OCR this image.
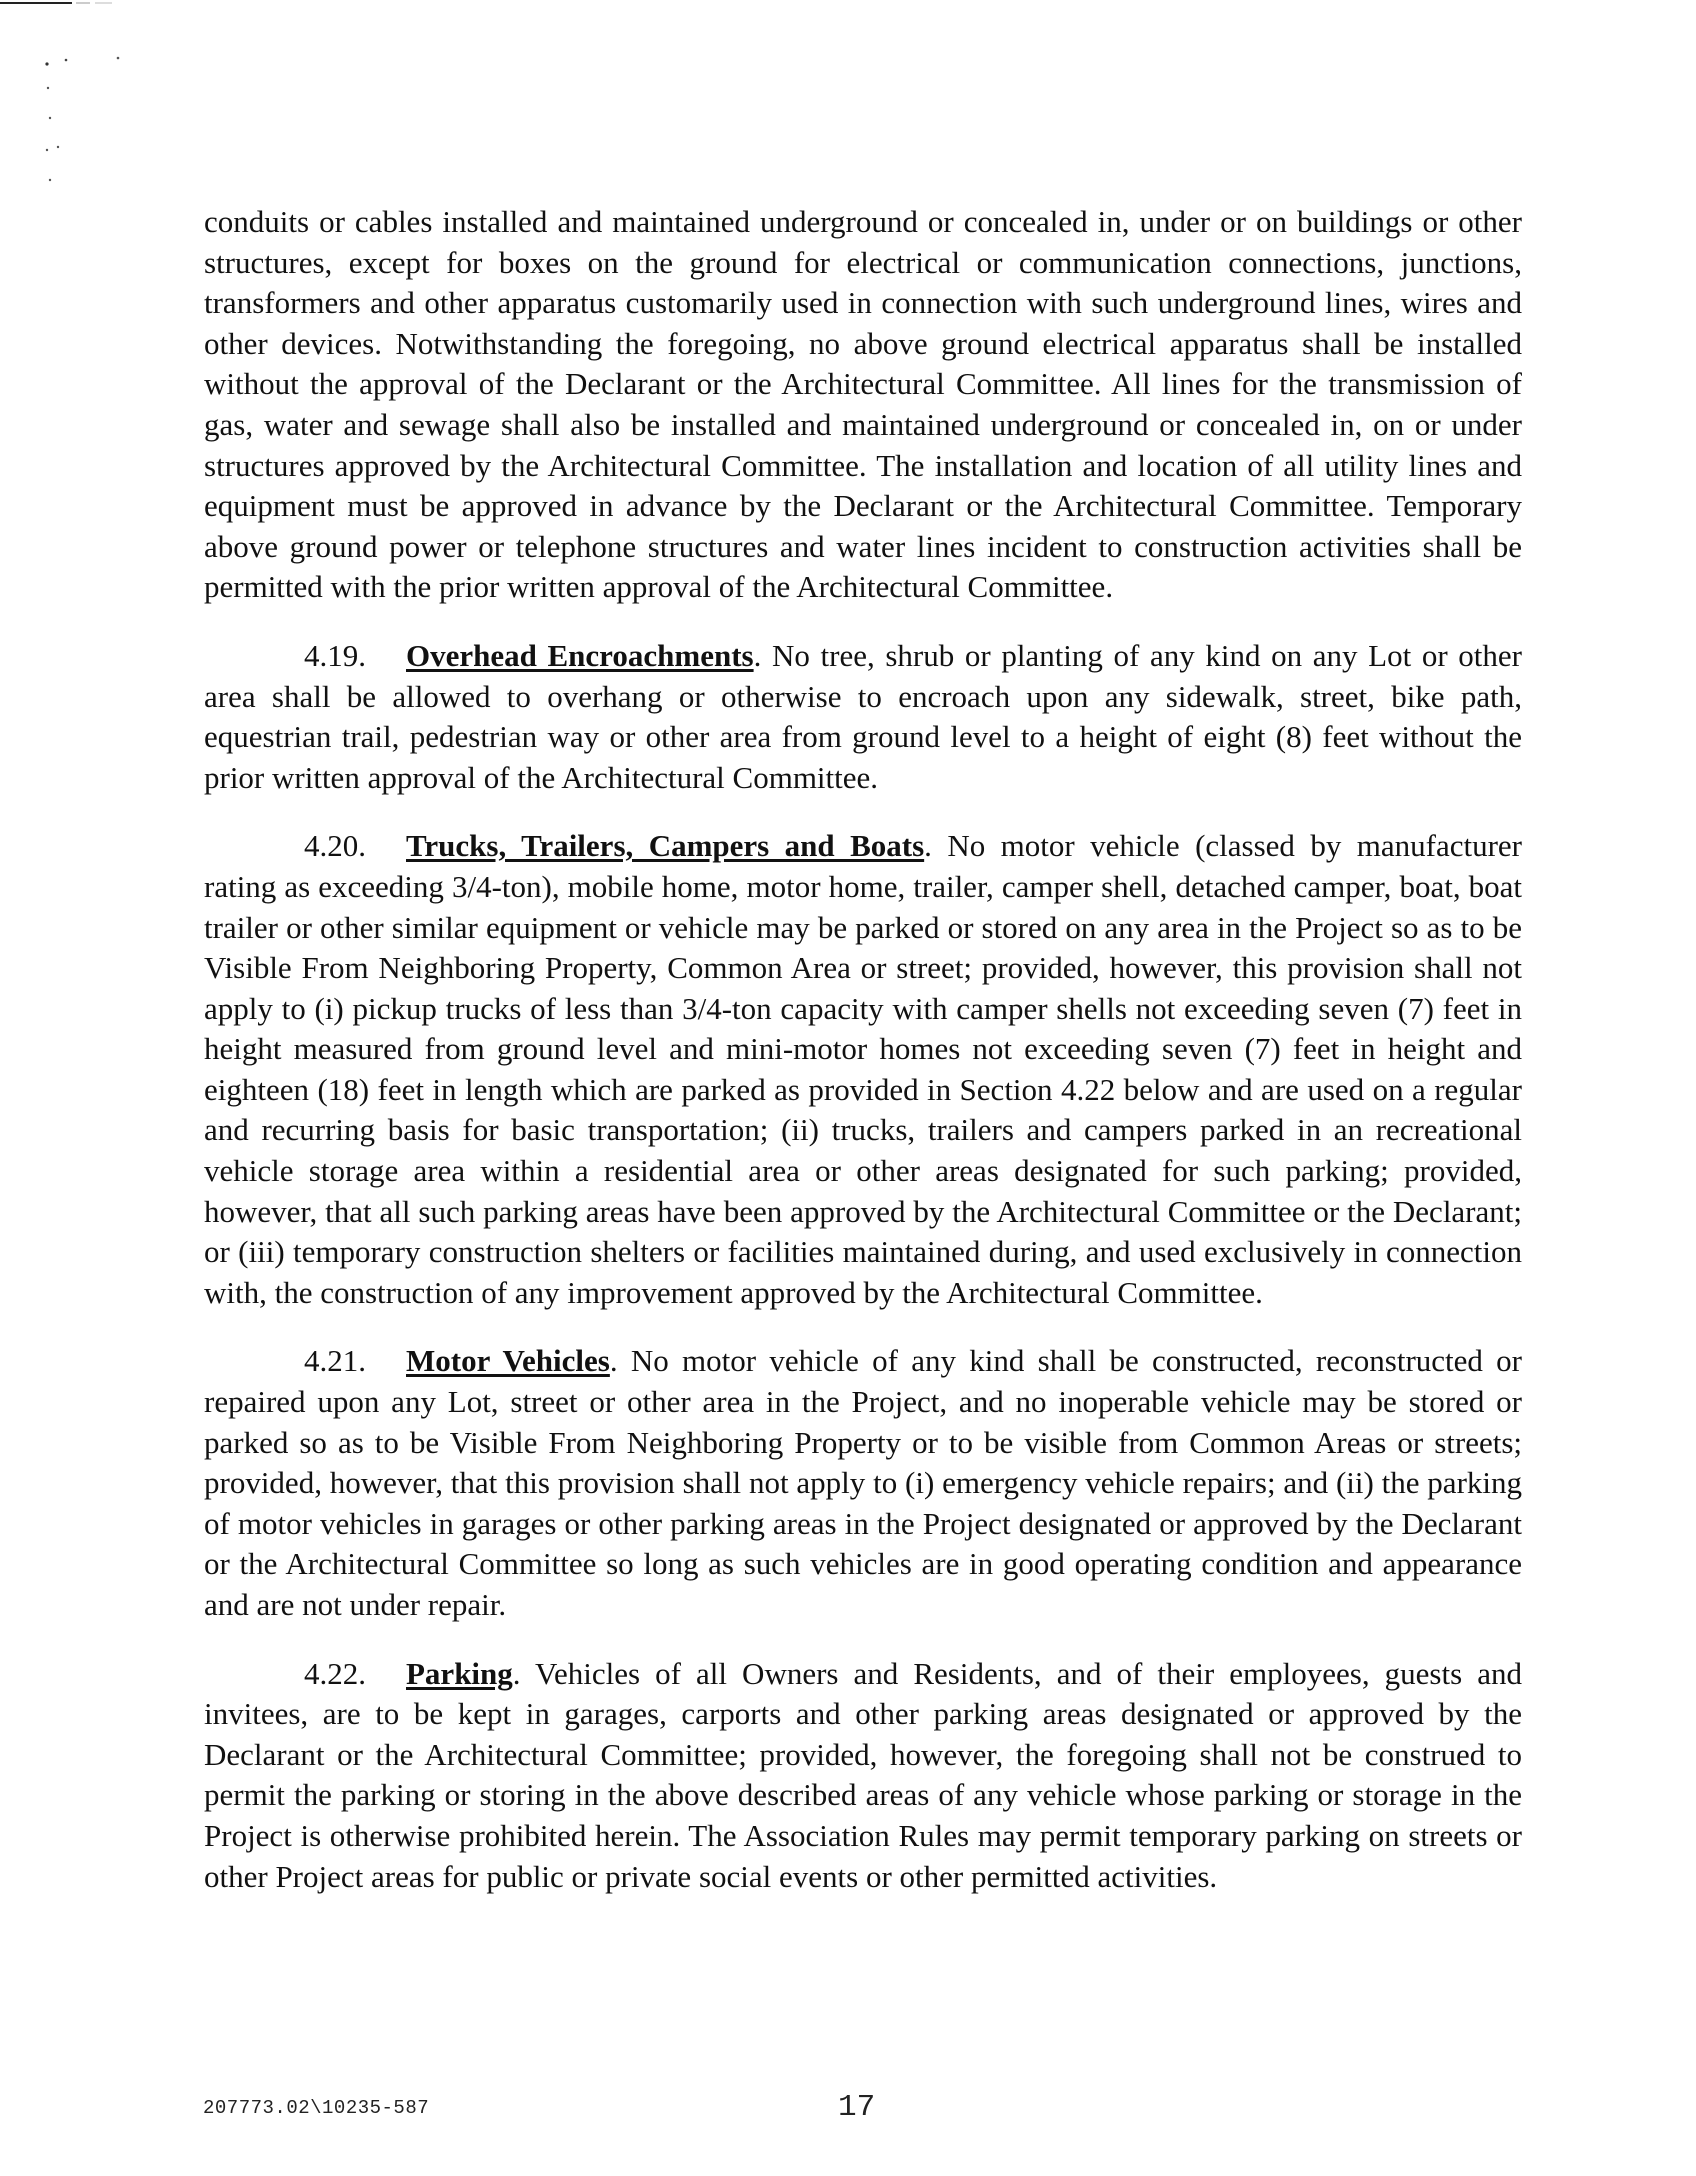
conduits or cables installed and maintained underground or concealed in, under or on buildings or other structures, except for boxes on the ground for electrical or communication connections, junctions, transformers and other apparatus customarily used in connection with such underground lines, wires and other devices. Notwithstanding the foregoing, no above ground electrical apparatus shall be installed without the approval of the Declarant or the Architectural Committee. All lines for the transmission of gas, water and sewage shall also be installed and maintained underground or concealed in, on or under structures approved by the Architectural Committee. The installation and location of all utility lines and equipment must be approved in advance by the Declarant or the Architectural Committee. Temporary above ground power or telephone structures and water lines incident to construction activities shall be permitted with the prior written approval of the Architectural Committee.

4.19. Overhead Encroachments. No tree, shrub or planting of any kind on any Lot or other area shall be allowed to overhang or otherwise to encroach upon any sidewalk, street, bike path, equestrian trail, pedestrian way or other area from ground level to a height of eight (8) feet without the prior written approval of the Architectural Committee.

4.20. Trucks, Trailers, Campers and Boats. No motor vehicle (classed by manufacturer rating as exceeding 3/4-ton), mobile home, motor home, trailer, camper shell, detached camper, boat, boat trailer or other similar equipment or vehicle may be parked or stored on any area in the Project so as to be Visible From Neighboring Property, Common Area or street; provided, however, this provision shall not apply to (i) pickup trucks of less than 3/4-ton capacity with camper shells not exceeding seven (7) feet in height measured from ground level and mini-motor homes not exceeding seven (7) feet in height and eighteen (18) feet in length which are parked as provided in Section 4.22 below and are used on a regular and recurring basis for basic transportation; (ii) trucks, trailers and campers parked in an recreational vehicle storage area within a residential area or other areas designated for such parking; provided, however, that all such parking areas have been approved by the Architectural Committee or the Declarant; or (iii) temporary construction shelters or facilities maintained during, and used exclusively in connection with, the construction of any improvement approved by the Architectural Committee.

4.21. Motor Vehicles. No motor vehicle of any kind shall be constructed, reconstructed or repaired upon any Lot, street or other area in the Project, and no inoperable vehicle may be stored or parked so as to be Visible From Neighboring Property or to be visible from Common Areas or streets; provided, however, that this provision shall not apply to (i) emergency vehicle repairs; and (ii) the parking of motor vehicles in garages or other parking areas in the Project designated or approved by the Declarant or the Architectural Committee so long as such vehicles are in good operating condition and appearance and are not under repair.

4.22. Parking. Vehicles of all Owners and Residents, and of their employees, guests and invitees, are to be kept in garages, carports and other parking areas designated or approved by the Declarant or the Architectural Committee; provided, however, the foregoing shall not be construed to permit the parking or storing in the above described areas of any vehicle whose parking or storage in the Project is otherwise prohibited herein. The Association Rules may permit temporary parking on streets or other Project areas for public or private social events or other permitted activities.

207773.02\10235-587	17
